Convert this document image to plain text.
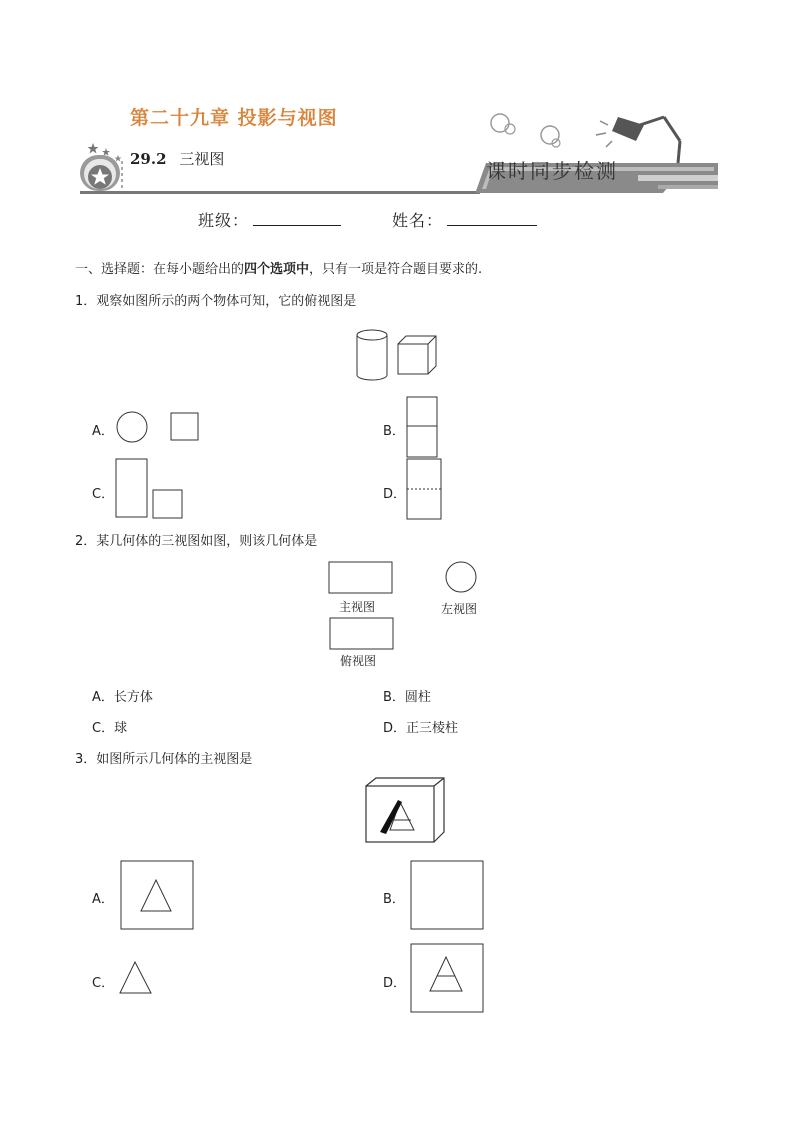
第二十九章 投影与视图
29.2 三视图	课时同步检测
班级：	姓名：
一、选择题：在每小题给出的四个选项中，只有一项是符合题目要求的.
1．观察如图所示的两个物体可知，它的俯视图是
A．	B．
C．	D．
2．某几何体的三视图如图，则该几何体是
主视图	左视图
俯视图
A．长方体	B．圆柱
C．球	D．正三棱柱
3．如图所示几何体的主视图是
A．	B．
C．	D．
